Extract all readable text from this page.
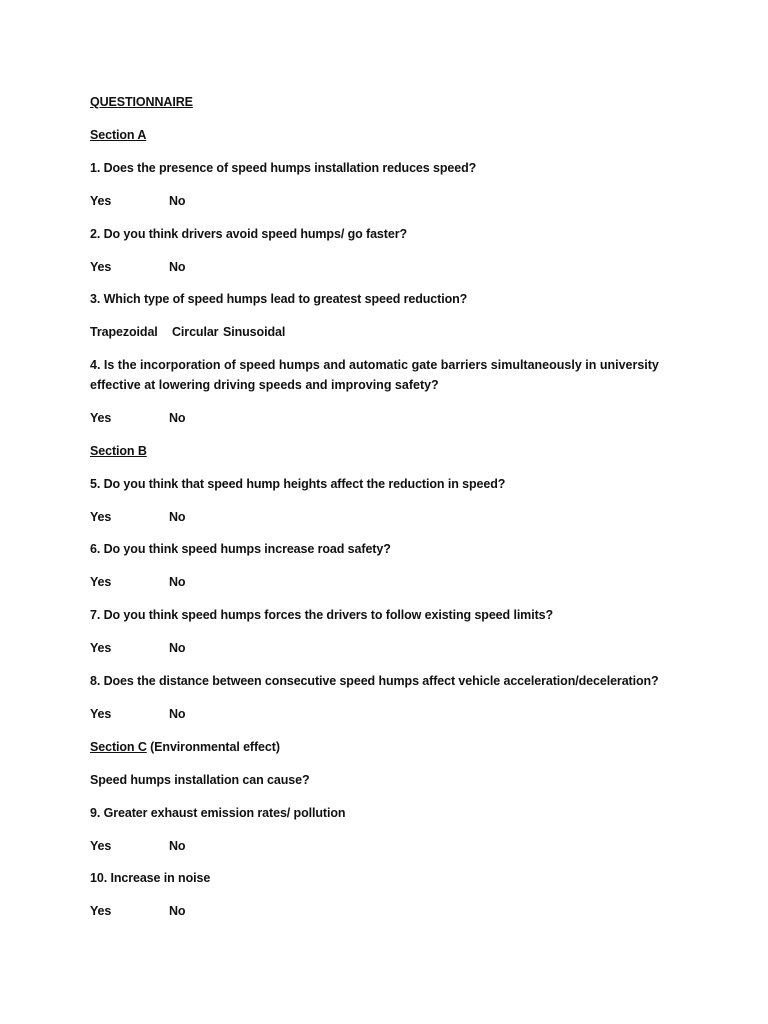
QUESTIONNAIRE
Section A
1. Does the presence of speed humps installation reduces speed?
Yes	No
2. Do you think drivers avoid speed humps/ go faster?
Yes	No
3. Which type of speed humps lead to greatest speed reduction?
Trapezoidal Circular Sinusoidal
4. Is the incorporation of speed humps and automatic gate barriers simultaneously in university effective at lowering driving speeds and improving safety?
Yes	No
Section B
5. Do you think that speed hump heights affect the reduction in speed?
Yes	No
6. Do you think speed humps increase road safety?
Yes	No
7. Do you think speed humps forces the drivers to follow existing speed limits?
Yes	No
8. Does the distance between consecutive speed humps affect vehicle acceleration/deceleration?
Yes	No
Section C (Environmental effect)
Speed humps installation can cause?
9. Greater exhaust emission rates/ pollution
Yes	No
10. Increase in noise
Yes	No
